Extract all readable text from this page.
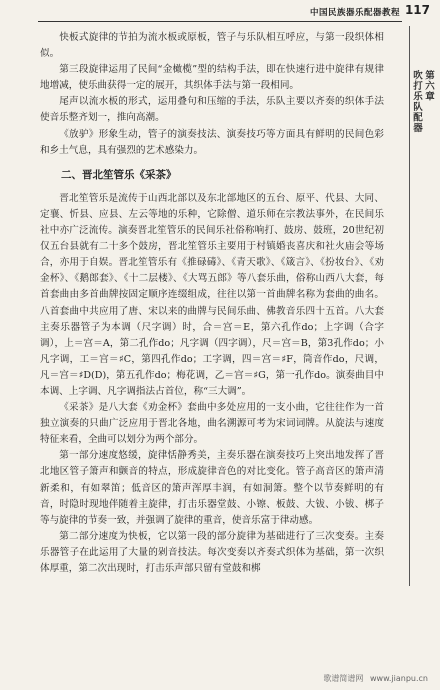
中国民族器乐配器教程 117
第六章
吹打乐队配器

快板式旋律的节拍为流水板或原板，管子与乐队相互呼应，与第一段织体相似。

第三段旋律运用了民间“金橄榄”型的结构手法，即在快速行进中旋律有规律地增减，使乐曲获得一定的展开，其织体手法与第一段相同。

尾声以流水板的形式，运用叠句和压缩的手法，乐队主要以齐奏的织体手法使音乐整齐划一，推向高潮。

《放驴》形象生动，管子的演奏技法、演奏技巧等方面具有鲜明的民间色彩和乡土气息，具有强烈的艺术感染力。

二、晋北笙管乐《采茶》

晋北笙管乐是流传于山西北部以及东北部地区的五台、原平、代县、大同、定襄、忻县、应县、左云等地的乐种，它除僧、道乐师在宗教法事外，在民间乐社中亦广泛流传。演奏晋北笙管乐的民间乐社俗称响打、鼓房、鼓班，20世纪初仅五台县就有二十多个鼓房，晋北笙管乐主要用于村镇婚丧喜庆和社火庙会等场合，亦用于自娱。晋北笙管乐有《推碌碡》、《青天歌》、《箴言》、《扮妆台》、《劝金杯》、《鹅郎套》、《十二层楼》、《大骂五郎》等八套乐曲，俗称山西八大套，每首套曲由多首曲牌按固定顺序连缀组成，往往以第一首曲牌名称为套曲的曲名。八首套曲中共应用了唐、宋以来的曲牌与民间乐曲、佛教音乐四十五首。八大套主奏乐器管子为本调（尺字调）时，合＝宫＝E，第六孔作do；上字调（合字调），上＝宫＝A，第二孔作do；凡字调（四字调），尺＝宫＝B，第3孔作do；小凡字调，工＝宫＝♯C，第四孔作do；工字调，四＝宫＝♯F，筒音作do，尺调，凡＝宫＝♯D(D)，第五孔作do；梅花调，乙＝宫＝♯G，第一孔作do。演奏曲目中本调、上字调、凡字调指法占首位，称“三大调”。

《采茶》是八大套《劝金杯》套曲中多处应用的一支小曲，它往往作为一首独立演奏的只曲广泛应用于晋北各地，曲名溯源可考为宋词词牌。从旋法与速度特征来看，全曲可以划分为两个部分。

第一部分速度悠缓，旋律恬静秀美，主奏乐器在演奏技巧上突出地发挥了晋北地区管子箫声和颤音的特点，形成旋律音色的对比变化。管子高音区的箫声清新柔和，有如翠笛；低音区的箫声浑厚丰润，有如洞箫。整个以节奏鲜明的有音，时隐时现地伴随着主旋律，打击乐器堂鼓、小镲、板鼓、大钹、小钹、梆子等与旋律的节奏一致，并强调了旋律的重音，使音乐富于律动感。

第二部分速度为快板，它以第一段的部分旋律为基础进行了三次变奏。主奏乐器管子在此运用了大量的剁音技法。每次变奏以齐奏式织体为基础，第一次织体厚重，第二次出现时，打击乐声部只留有堂鼓和梆

歌谱简谱网 www.jianpu.cn
